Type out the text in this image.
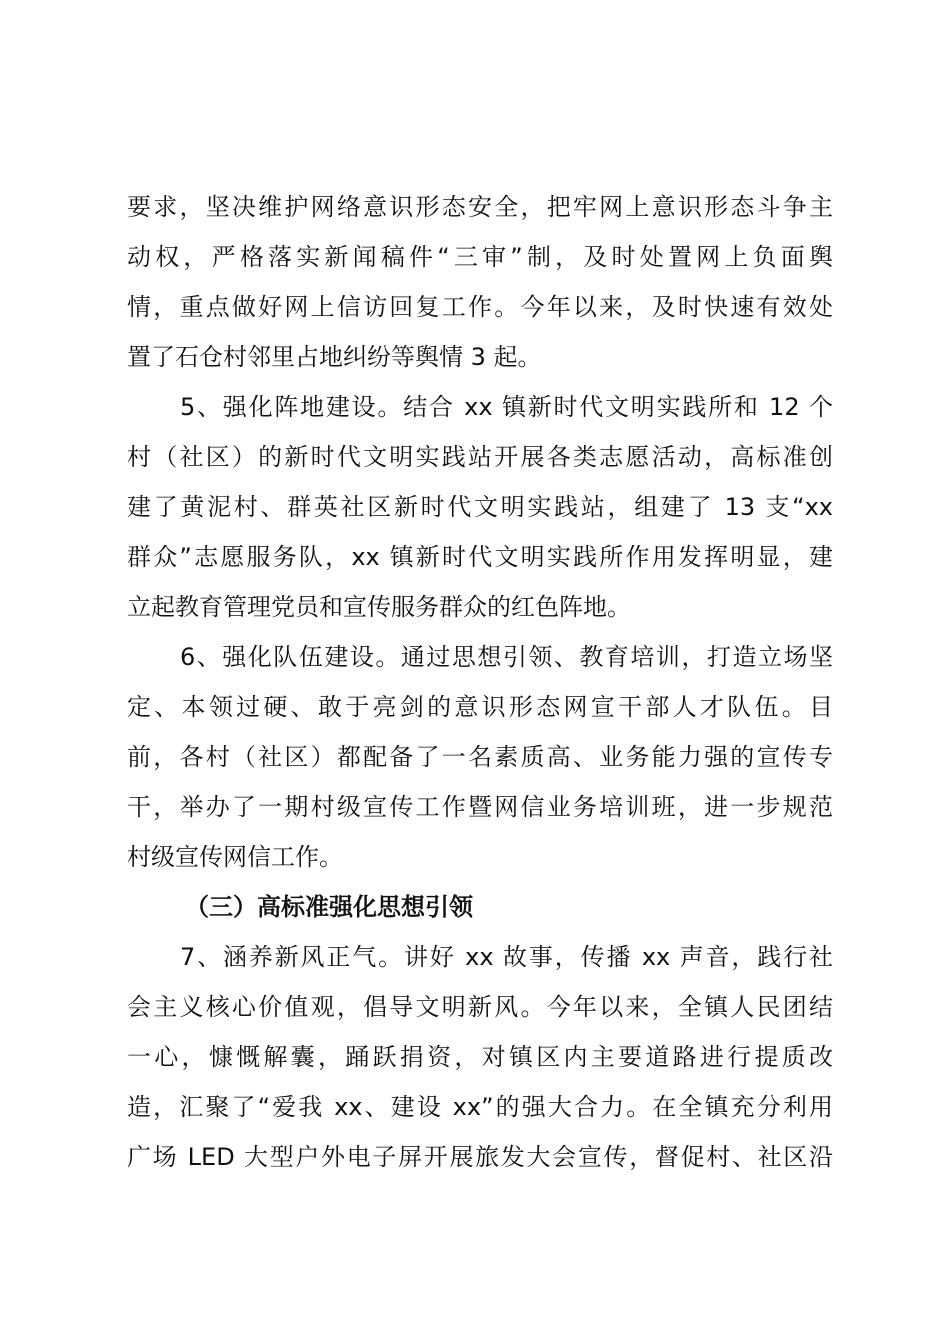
要求，坚决维护网络意识形态安全，把牢网上意识形态斗争主
动权，严格落实新闻稿件“三审”制，及时处置网上负面舆
情，重点做好网上信访回复工作。今年以来，及时快速有效处
置了石仓村邻里占地纠纷等舆情 3 起。
5、强化阵地建设。结合 xx 镇新时代文明实践所和 12 个
村（社区）的新时代文明实践站开展各类志愿活动，高标准创
建了黄泥村、群英社区新时代文明实践站，组建了 13 支“xx
群众”志愿服务队，xx 镇新时代文明实践所作用发挥明显，建
立起教育管理党员和宣传服务群众的红色阵地。
6、强化队伍建设。通过思想引领、教育培训，打造立场坚
定、本领过硬、敢于亮剑的意识形态网宣干部人才队伍。目
前，各村（社区）都配备了一名素质高、业务能力强的宣传专
干，举办了一期村级宣传工作暨网信业务培训班，进一步规范
村级宣传网信工作。
（三）高标准强化思想引领
7、涵养新风正气。讲好 xx 故事，传播 xx 声音，践行社
会主义核心价值观，倡导文明新风。今年以来，全镇人民团结
一心，慷慨解囊，踊跃捐资，对镇区内主要道路进行提质改
造，汇聚了“爱我 xx、建设 xx”的强大合力。在全镇充分利用
广场 LED 大型户外电子屏开展旅发大会宣传，督促村、社区沿
